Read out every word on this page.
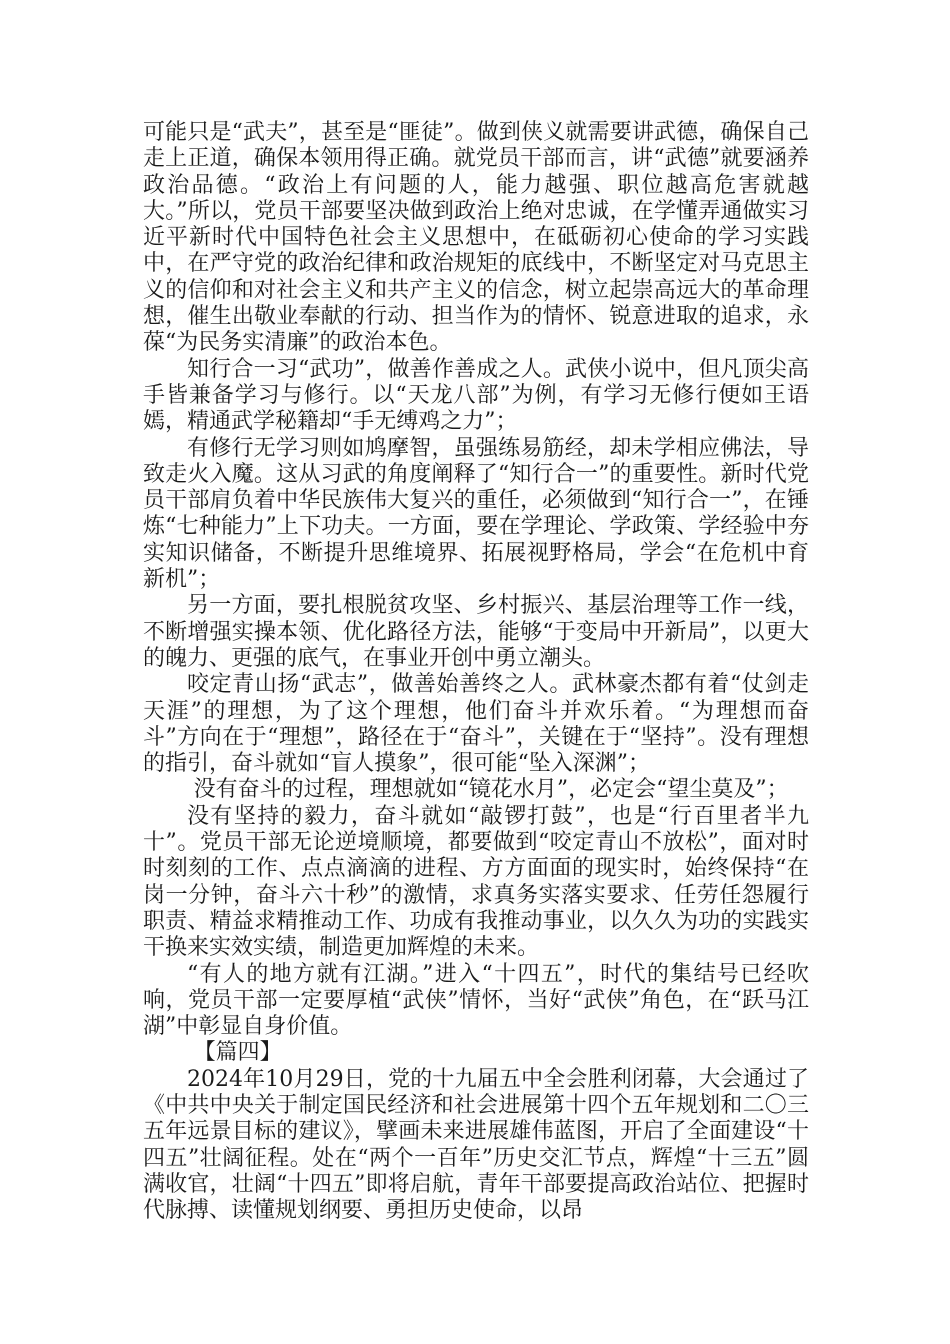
可能只是“武夫”，甚至是“匪徒”。做到侠义就需要讲武德，确保自己走上正道，确保本领用得正确。就党员干部而言，讲“武德”就要涵养政治品德。“政治上有问题的人，能力越强、职位越高危害就越大。”所以，党员干部要坚决做到政治上绝对忠诚，在学懂弄通做实习近平新时代中国特色社会主义思想中，在砥砺初心使命的学习实践中，在严守党的政治纪律和政治规矩的底线中，不断坚定对马克思主义的信仰和对社会主义和共产主义的信念，树立起崇高远大的革命理想，催生出敬业奉献的行动、担当作为的情怀、锐意进取的追求，永葆“为民务实清廉”的政治本色。

知行合一习“武功”，做善作善成之人。武侠小说中，但凡顶尖高手皆兼备学习与修行。以“天龙八部”为例，有学习无修行便如王语嫣，精通武学秘籍却“手无缚鸡之力”；

有修行无学习则如鸠摩智，虽强练易筋经，却未学相应佛法，导致走火入魔。这从习武的角度阐释了“知行合一”的重要性。新时代党员干部肩负着中华民族伟大复兴的重任，必须做到“知行合一”，在锤炼“七种能力”上下功夫。一方面，要在学理论、学政策、学经验中夯实知识储备，不断提升思维境界、拓展视野格局，学会“在危机中育新机”；

另一方面，要扎根脱贫攻坚、乡村振兴、基层治理等工作一线，不断增强实操本领、优化路径方法，能够“于变局中开新局”，以更大的魄力、更强的底气，在事业开创中勇立潮头。

咬定青山扬“武志”，做善始善终之人。武林豪杰都有着“仗剑走天涯”的理想，为了这个理想，他们奋斗并欢乐着。“为理想而奋斗”方向在于“理想”，路径在于“奋斗”，关键在于“坚持”。没有理想的指引，奋斗就如“盲人摸象”，很可能“坠入深渊”；

没有奋斗的过程，理想就如“镜花水月”，必定会“望尘莫及”；

没有坚持的毅力，奋斗就如“敲锣打鼓”，也是“行百里者半九十”。党员干部无论逆境顺境，都要做到“咬定青山不放松”，面对时时刻刻的工作、点点滴滴的进程、方方面面的现实时，始终保持“在岗一分钟，奋斗六十秒”的激情，求真务实落实要求、任劳任怨履行职责、精益求精推动工作、功成有我推动事业，以久久为功的实践实干换来实效实绩，制造更加辉煌的未来。

“有人的地方就有江湖。”进入“十四五”，时代的集结号已经吹响，党员干部一定要厚植“武侠”情怀，当好“武侠”角色，在“跃马江湖”中彰显自身价值。

【篇四】

2024年10月29日，党的十九届五中全会胜利闭幕，大会通过了《中共中央关于制定国民经济和社会进展第十四个五年规划和二〇三五年远景目标的建议》，擘画未来进展雄伟蓝图，开启了全面建设“十四五”壮阔征程。处在“两个一百年”历史交汇节点，辉煌“十三五”圆满收官，壮阔“十四五”即将启航，青年干部要提高政治站位、把握时代脉搏、读懂规划纲要、勇担历史使命，以昂
